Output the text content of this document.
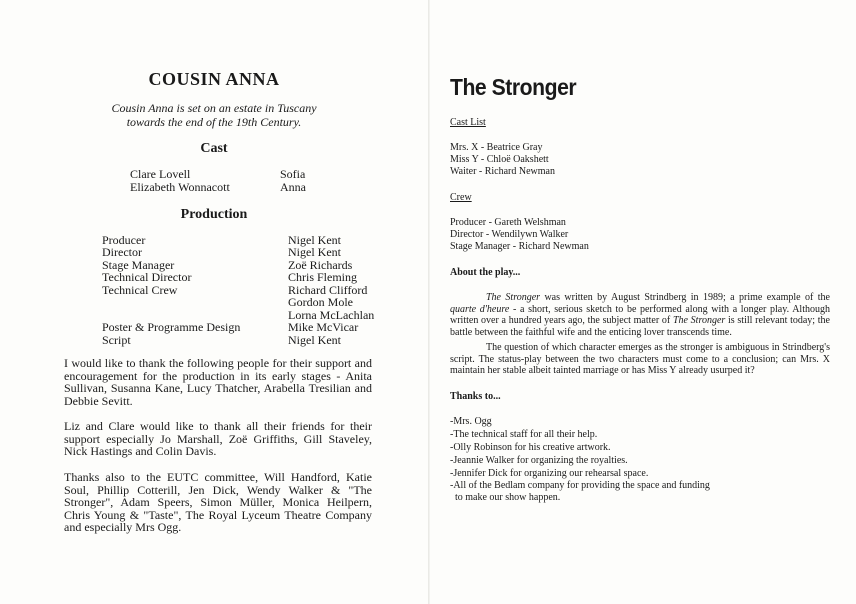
COUSIN ANNA
Cousin Anna is set on an estate in Tuscany
towards the end of the 19th Century.
Cast
Clare Lovell	Sofia
Elizabeth Wonnacott	Anna
Production
Producer	Nigel Kent
Director	Nigel Kent
Stage Manager	Zoë Richards
Technical Director	Chris Fleming
Technical Crew	Richard Clifford
Gordon Mole
Lorna McLachlan
Poster & Programme Design	Mike McVicar
Script	Nigel Kent
I would like to thank the following people for their support and encouragement for the production in its early stages - Anita Sullivan, Susanna Kane, Lucy Thatcher, Arabella Tresilian and Debbie Sevitt.
Liz and Clare would like to thank all their friends for their support especially Jo Marshall, Zoë Griffiths, Gill Staveley, Nick Hastings and Colin Davis.
Thanks also to the EUTC committee, Will Handford, Katie Soul, Phillip Cotterill, Jen Dick, Wendy Walker & "The Stronger", Adam Speers, Simon Müller, Monica Heilpern, Chris Young & "Taste", The Royal Lyceum Theatre Company and especially Mrs Ogg.
The Stronger
Cast List
Mrs. X - Beatrice Gray
Miss Y - Chloë Oakshett
Waiter - Richard Newman
Crew
Producer - Gareth Welshman
Director - Wendilywn Walker
Stage Manager - Richard Newman
About the play...
The Stronger was written by August Strindberg in 1989; a prime example of the quarte d'heure - a short, serious sketch to be performed along with a longer play. Although written over a hundred years ago, the subject matter of The Stronger is still relevant today; the battle between the faithful wife and the enticing lover transcends time.
The question of which character emerges as the stronger is ambiguous in Strindberg's script. The status-play between the two characters must come to a conclusion; can Mrs. X maintain her stable albeit tainted marriage or has Miss Y already usurped it?
Thanks to...
-Mrs. Ogg
-The technical staff for all their help.
-Olly Robinson for his creative artwork.
-Jeannie Walker for organizing the royalties.
-Jennifer Dick for organizing our rehearsal space.
-All of the Bedlam company for providing the space and funding
to make our show happen.
